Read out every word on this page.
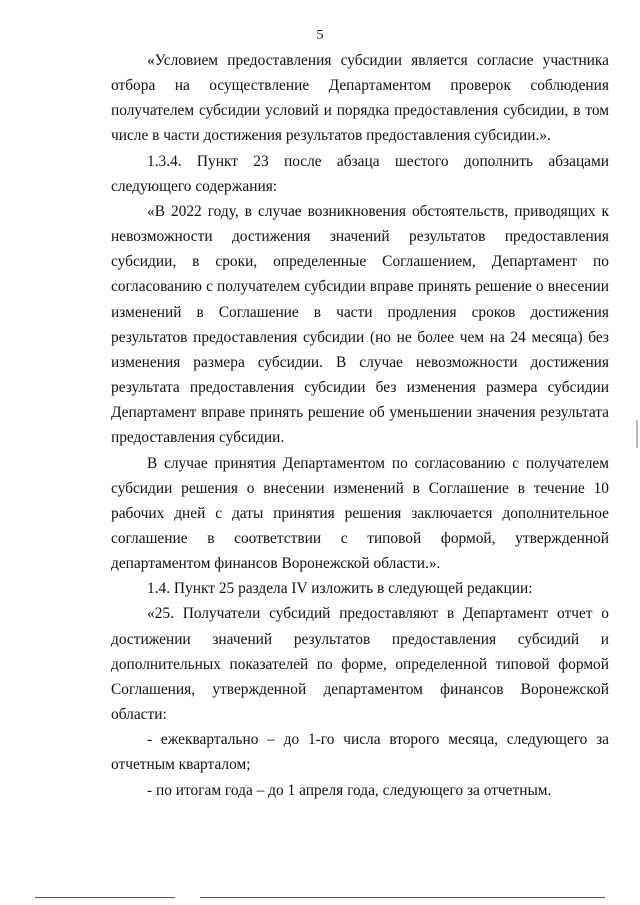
5

«Условием предоставления субсидии является согласие участника отбора на осуществление Департаментом проверок соблюдения получателем субсидии условий и порядка предоставления субсидии, в том числе в части достижения результатов предоставления субсидии.».

1.3.4. Пункт 23 после абзаца шестого дополнить абзацами следующего содержания:

«В 2022 году, в случае возникновения обстоятельств, приводящих к невозможности достижения значений результатов предоставления субсидии, в сроки, определенные Соглашением, Департамент по согласованию с получателем субсидии вправе принять решение о внесении изменений в Соглашение в части продления сроков достижения результатов предоставления субсидии (но не более чем на 24 месяца) без изменения размера субсидии. В случае невозможности достижения результата предоставления субсидии без изменения размера субсидии Департамент вправе принять решение об уменьшении значения результата предоставления субсидии.

В случае принятия Департаментом по согласованию с получателем субсидии решения о внесении изменений в Соглашение в течение 10 рабочих дней с даты принятия решения заключается дополнительное соглашение в соответствии с типовой формой, утвержденной департаментом финансов Воронежской области.».

1.4. Пункт 25 раздела IV изложить в следующей редакции:

«25. Получатели субсидий предоставляют в Департамент отчет о достижении значений результатов предоставления субсидий и дополнительных показателей по форме, определенной типовой формой Соглашения, утвержденной департаментом финансов Воронежской области:

- ежеквартально – до 1-го числа второго месяца, следующего за отчетным кварталом;

- по итогам года – до 1 апреля года, следующего за отчетным.
